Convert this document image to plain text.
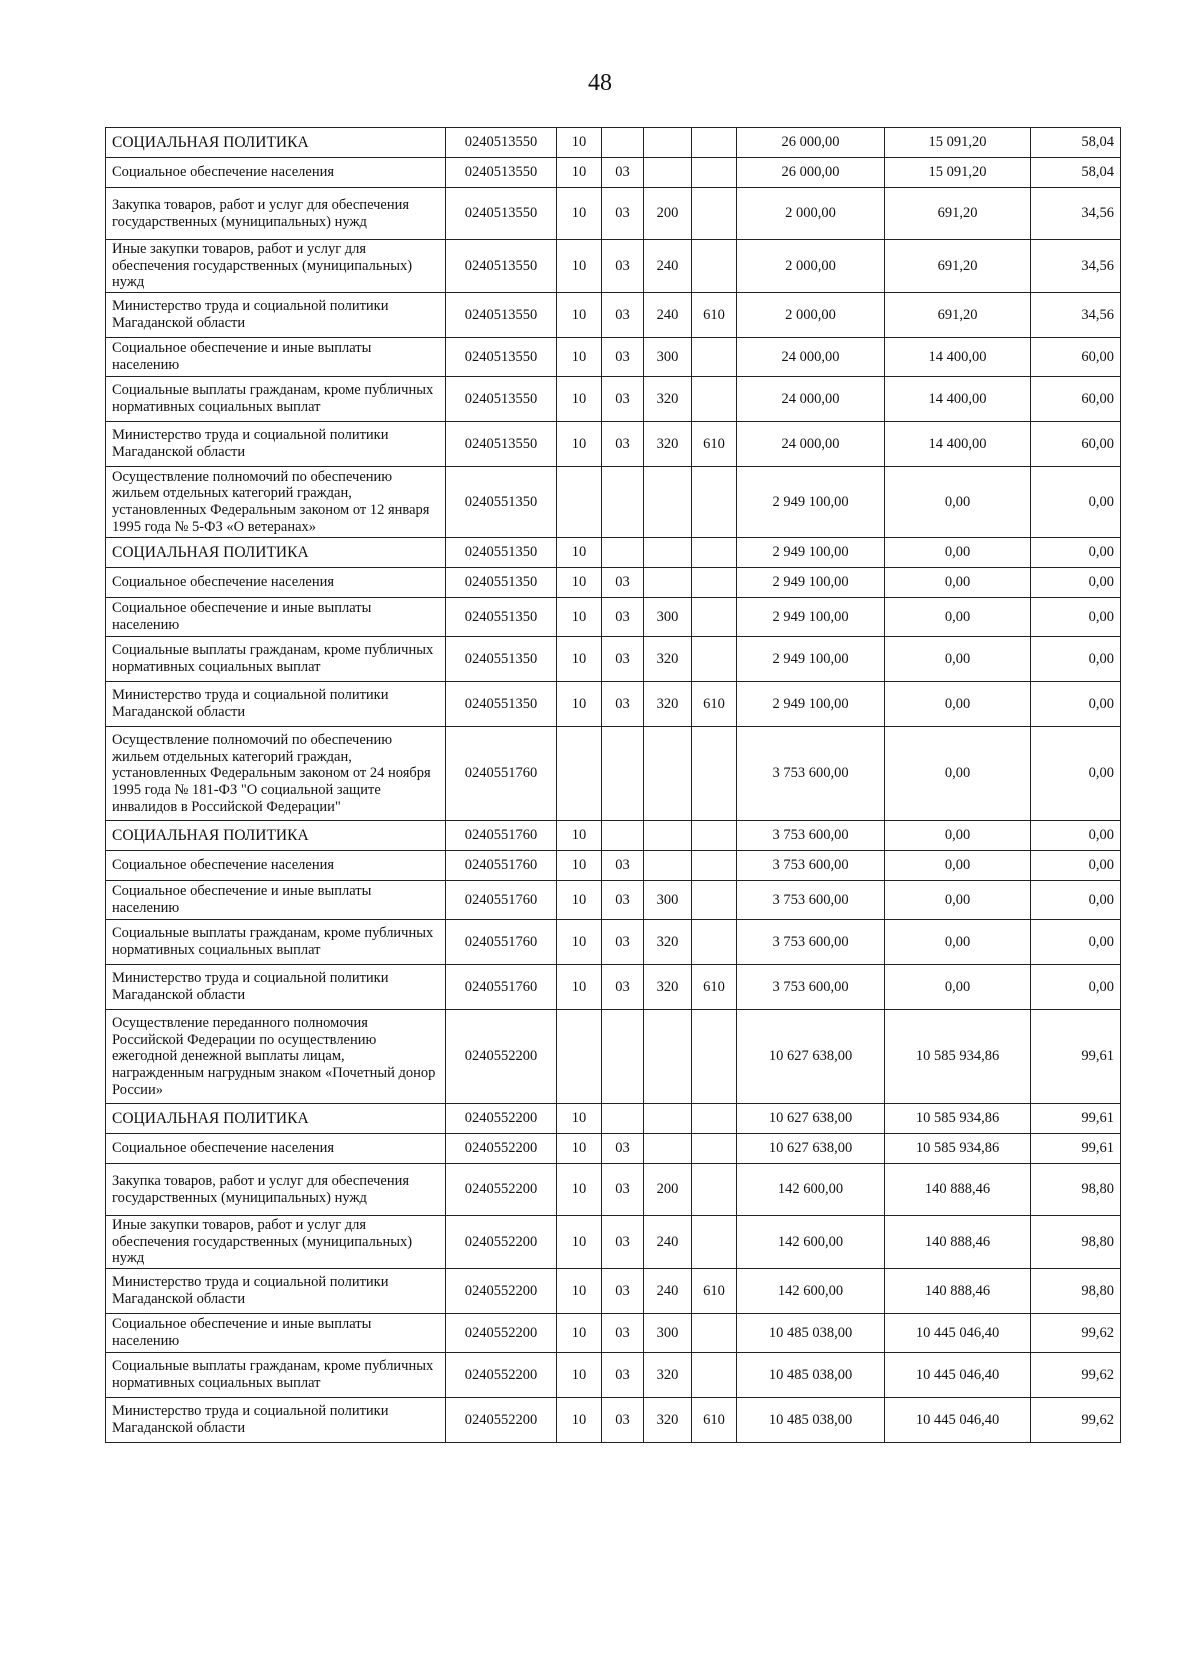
48
СОЦИАЛЬНАЯ ПОЛИТИКА	0240513550	10				26 000,00	15 091,20	58,04
Социальное обеспечение населения	0240513550	10	03			26 000,00	15 091,20	58,04
Закупка товаров, работ и услуг для обеспечения государственных (муниципальных) нужд	0240513550	10	03	200		2 000,00	691,20	34,56
Иные закупки товаров, работ и услуг для обеспечения государственных (муниципальных) нужд	0240513550	10	03	240		2 000,00	691,20	34,56
Министерство труда и социальной политики Магаданской области	0240513550	10	03	240	610	2 000,00	691,20	34,56
Социальное обеспечение и иные выплаты населению	0240513550	10	03	300		24 000,00	14 400,00	60,00
Социальные выплаты гражданам, кроме публичных нормативных социальных выплат	0240513550	10	03	320		24 000,00	14 400,00	60,00
Министерство труда и социальной политики Магаданской области	0240513550	10	03	320	610	24 000,00	14 400,00	60,00
Осуществление полномочий по обеспечению жильем отдельных категорий граждан, установленных Федеральным законом от 12 января 1995 года № 5-ФЗ «О ветеранах»	0240551350					2 949 100,00	0,00	0,00
СОЦИАЛЬНАЯ ПОЛИТИКА	0240551350	10				2 949 100,00	0,00	0,00
Социальное обеспечение населения	0240551350	10	03			2 949 100,00	0,00	0,00
Социальное обеспечение и иные выплаты населению	0240551350	10	03	300		2 949 100,00	0,00	0,00
Социальные выплаты гражданам, кроме публичных нормативных социальных выплат	0240551350	10	03	320		2 949 100,00	0,00	0,00
Министерство труда и социальной политики Магаданской области	0240551350	10	03	320	610	2 949 100,00	0,00	0,00
Осуществление полномочий по обеспечению жильем отдельных категорий граждан, установленных Федеральным законом от 24 ноября 1995 года № 181-ФЗ "О социальной защите инвалидов в Российской Федерации"	0240551760					3 753 600,00	0,00	0,00
СОЦИАЛЬНАЯ ПОЛИТИКА	0240551760	10				3 753 600,00	0,00	0,00
Социальное обеспечение населения	0240551760	10	03			3 753 600,00	0,00	0,00
Социальное обеспечение и иные выплаты населению	0240551760	10	03	300		3 753 600,00	0,00	0,00
Социальные выплаты гражданам, кроме публичных нормативных социальных выплат	0240551760	10	03	320		3 753 600,00	0,00	0,00
Министерство труда и социальной политики Магаданской области	0240551760	10	03	320	610	3 753 600,00	0,00	0,00
Осуществление переданного полномочия Российской Федерации по осуществлению ежегодной денежной выплаты лицам, награжденным нагрудным знаком «Почетный донор России»	0240552200					10 627 638,00	10 585 934,86	99,61
СОЦИАЛЬНАЯ ПОЛИТИКА	0240552200	10				10 627 638,00	10 585 934,86	99,61
Социальное обеспечение населения	0240552200	10	03			10 627 638,00	10 585 934,86	99,61
Закупка товаров, работ и услуг для обеспечения государственных (муниципальных) нужд	0240552200	10	03	200		142 600,00	140 888,46	98,80
Иные закупки товаров, работ и услуг для обеспечения государственных (муниципальных) нужд	0240552200	10	03	240		142 600,00	140 888,46	98,80
Министерство труда и социальной политики Магаданской области	0240552200	10	03	240	610	142 600,00	140 888,46	98,80
Социальное обеспечение и иные выплаты населению	0240552200	10	03	300		10 485 038,00	10 445 046,40	99,62
Социальные выплаты гражданам, кроме публичных нормативных социальных выплат	0240552200	10	03	320		10 485 038,00	10 445 046,40	99,62
Министерство труда и социальной политики Магаданской области	0240552200	10	03	320	610	10 485 038,00	10 445 046,40	99,62
